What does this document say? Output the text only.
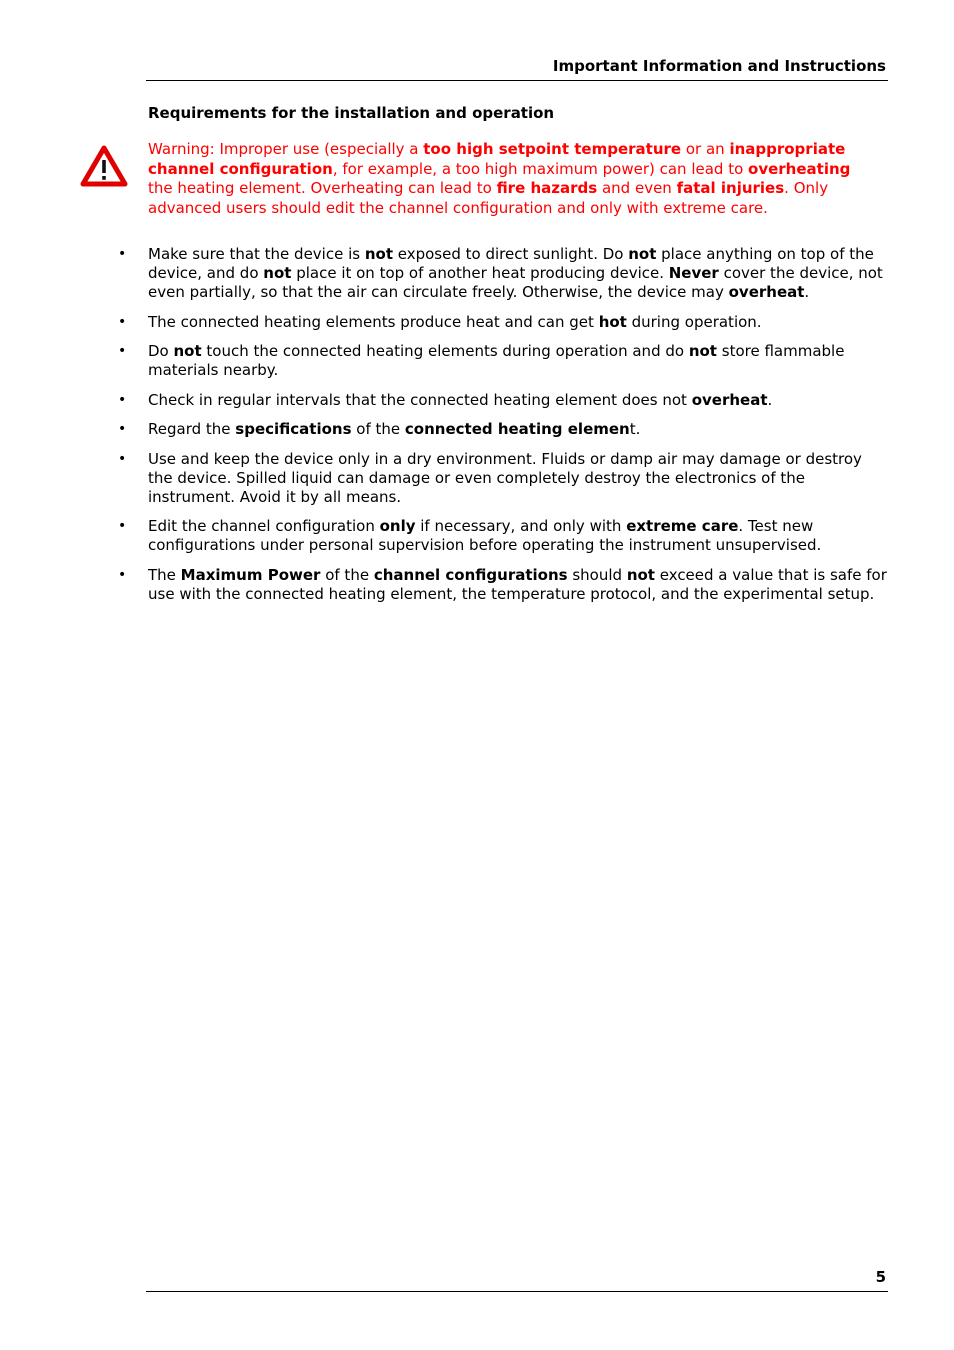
Important Information and Instructions
Requirements for the installation and operation
Warning: Improper use (especially a too high setpoint temperature or an inappropriate channel configuration, for example, a too high maximum power) can lead to overheating the heating element. Overheating can lead to fire hazards and even fatal injuries. Only advanced users should edit the channel configuration and only with extreme care.
• Make sure that the device is not exposed to direct sunlight. Do not place anything on top of the device, and do not place it on top of another heat producing device. Never cover the device, not even partially, so that the air can circulate freely. Otherwise, the device may overheat.
• The connected heating elements produce heat and can get hot during operation.
• Do not touch the connected heating elements during operation and do not store flammable materials nearby.
• Check in regular intervals that the connected heating element does not overheat.
• Regard the specifications of the connected heating element.
• Use and keep the device only in a dry environment. Fluids or damp air may damage or destroy the device. Spilled liquid can damage or even completely destroy the electronics of the instrument. Avoid it by all means.
• Edit the channel configuration only if necessary, and only with extreme care. Test new configurations under personal supervision before operating the instrument unsupervised.
• The Maximum Power of the channel configurations should not exceed a value that is safe for use with the connected heating element, the temperature protocol, and the experimental setup.
5
